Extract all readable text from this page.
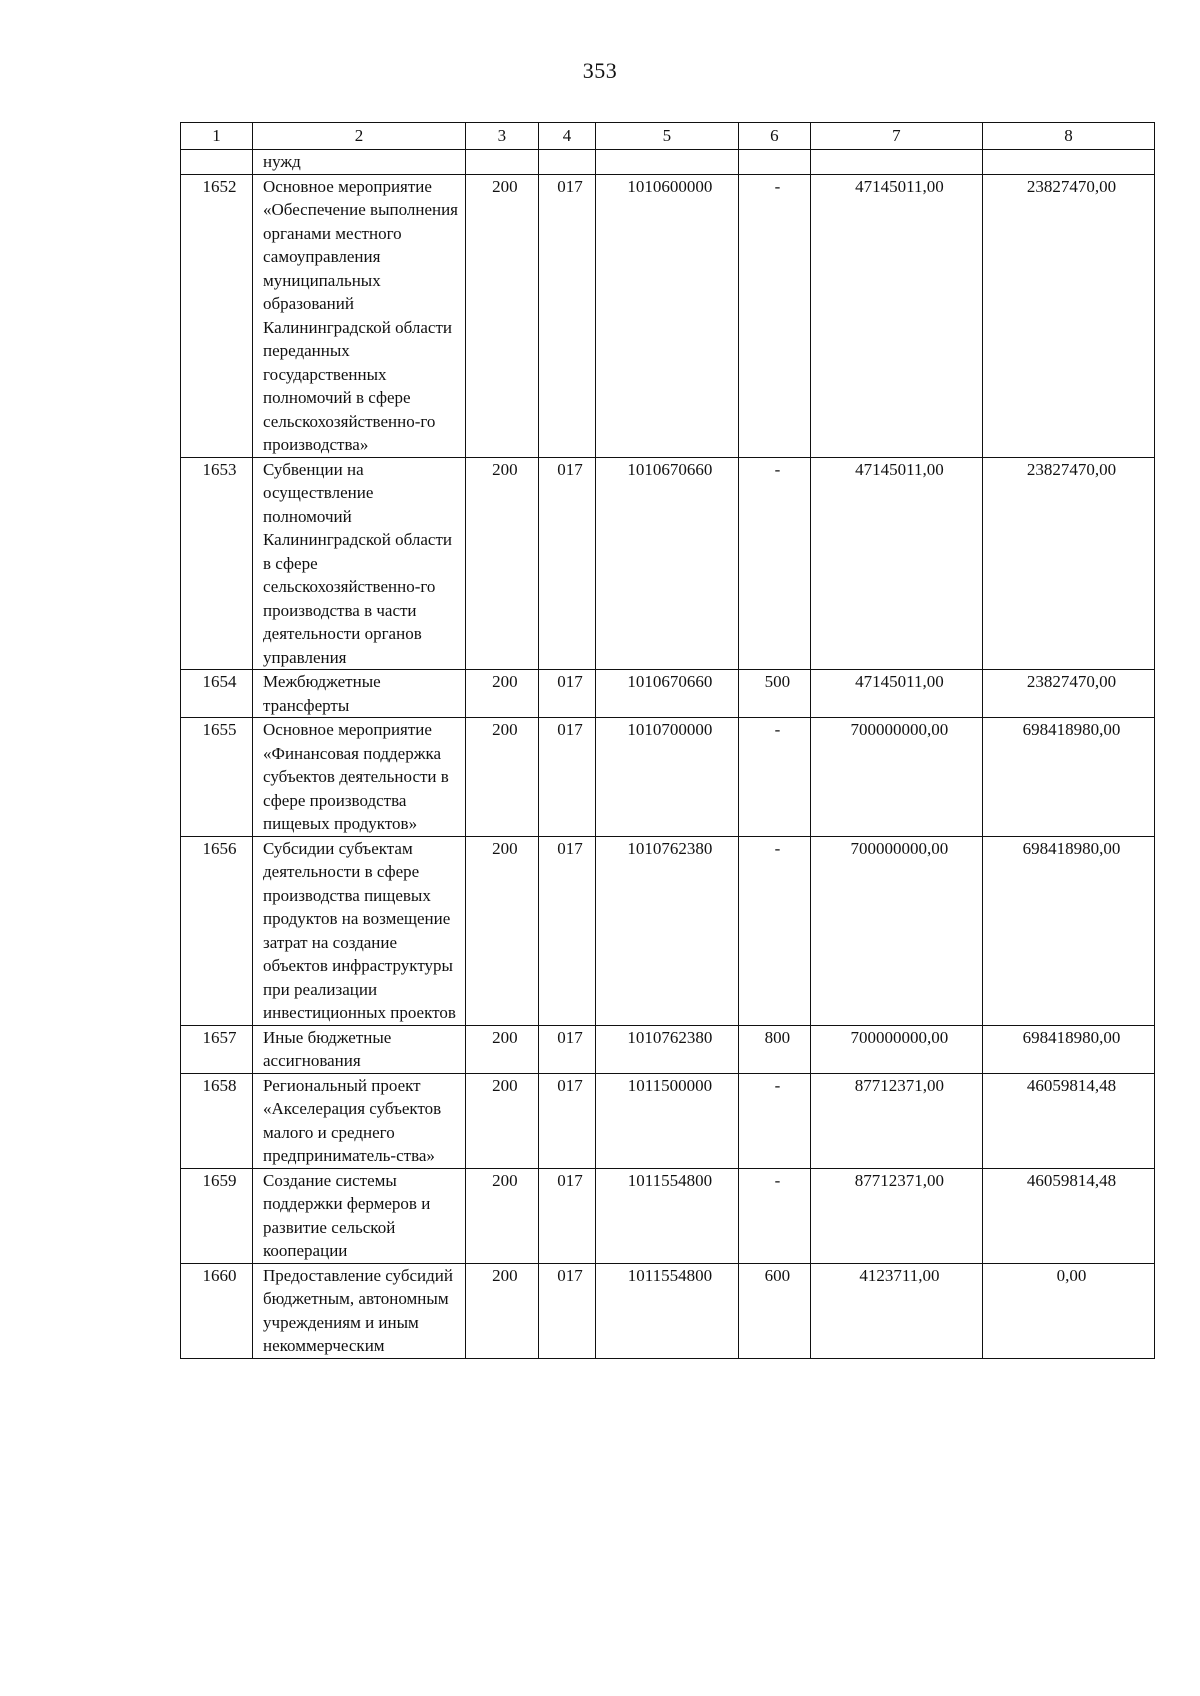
353
1	2	3	4	5	6	7	8
	нужд						
1652	Основное мероприятие «Обеспечение выполнения органами местного самоуправления муниципальных образований Калининградской области переданных государственных полномочий в сфере сельскохозяйственно-го производства»	200	017	1010600000	-	47145011,00	23827470,00
1653	Субвенции на осуществление полномочий Калининградской области в сфере сельскохозяйственно-го производства в части деятельности органов управления	200	017	1010670660	-	47145011,00	23827470,00
1654	Межбюджетные трансферты	200	017	1010670660	500	47145011,00	23827470,00
1655	Основное мероприятие «Финансовая поддержка субъектов деятельности в сфере производства пищевых продуктов»	200	017	1010700000	-	700000000,00	698418980,00
1656	Субсидии субъектам деятельности в сфере производства пищевых продуктов на возмещение затрат на создание объектов инфраструктуры при реализации инвестиционных проектов	200	017	1010762380	-	700000000,00	698418980,00
1657	Иные бюджетные ассигнования	200	017	1010762380	800	700000000,00	698418980,00
1658	Региональный проект «Акселерация субъектов малого и среднего предприниматель-ства»	200	017	1011500000	-	87712371,00	46059814,48
1659	Создание системы поддержки фермеров и развитие сельской кооперации	200	017	1011554800	-	87712371,00	46059814,48
1660	Предоставление субсидий бюджетным, автономным учреждениям и иным некоммерческим	200	017	1011554800	600	4123711,00	0,00
